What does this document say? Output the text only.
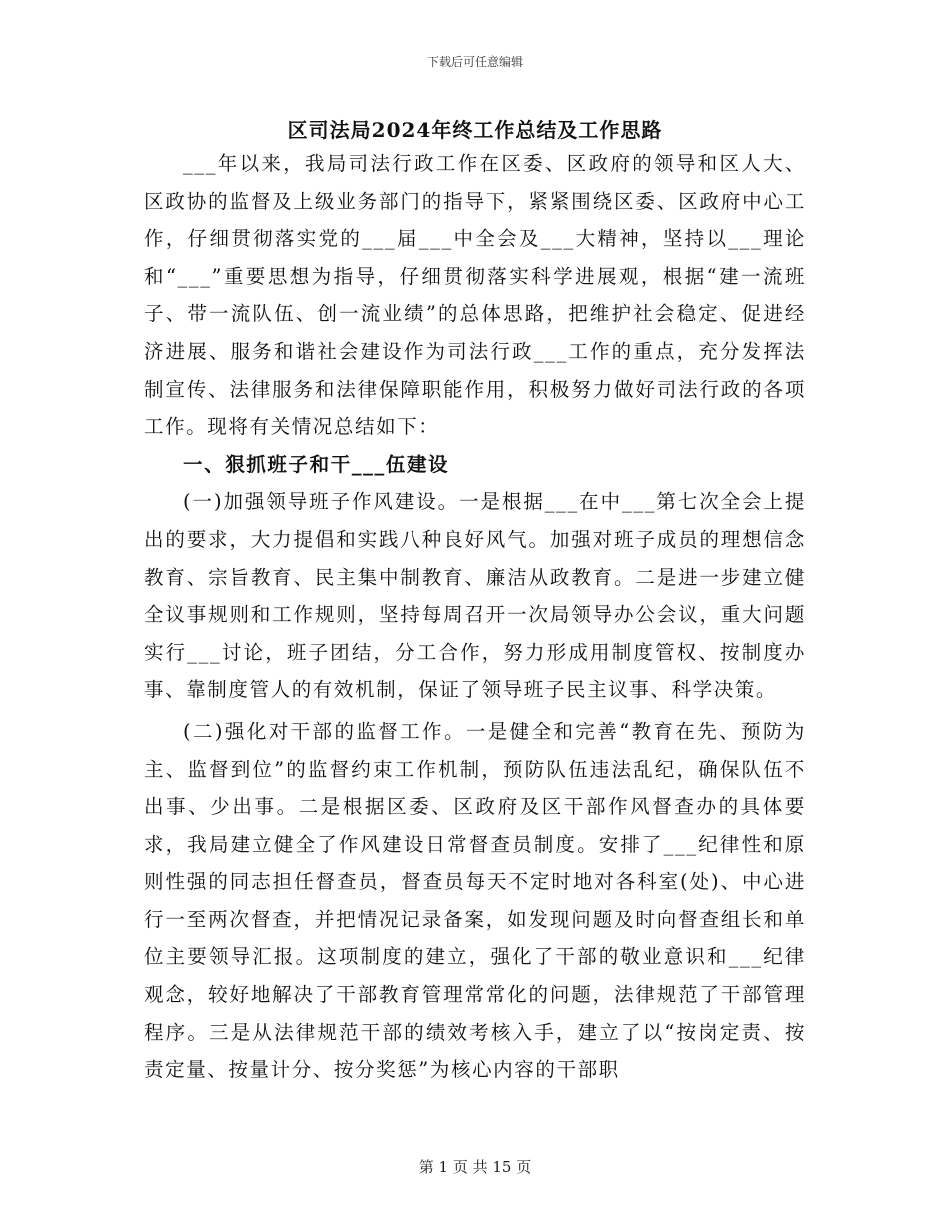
下载后可任意编辑
区司法局2024年终工作总结及工作思路

___年以来，我局司法行政工作在区委、区政府的领导和区人大、区政协的监督及上级业务部门的指导下，紧紧围绕区委、区政府中心工作，仔细贯彻落实党的___届___中全会及___大精神，坚持以___理论和“___”重要思想为指导，仔细贯彻落实科学进展观，根据“建一流班子、带一流队伍、创一流业绩”的总体思路，把维护社会稳定、促进经济进展、服务和谐社会建设作为司法行政___工作的重点，充分发挥法制宣传、法律服务和法律保障职能作用，积极努力做好司法行政的各项工作。现将有关情况总结如下：

一、狠抓班子和干___伍建设

(一)加强领导班子作风建设。一是根据___在中___第七次全会上提出的要求，大力提倡和实践八种良好风气。加强对班子成员的理想信念教育、宗旨教育、民主集中制教育、廉洁从政教育。二是进一步建立健全议事规则和工作规则，坚持每周召开一次局领导办公会议，重大问题实行___讨论，班子团结，分工合作，努力形成用制度管权、按制度办事、靠制度管人的有效机制，保证了领导班子民主议事、科学决策。

(二)强化对干部的监督工作。一是健全和完善“教育在先、预防为主、监督到位”的监督约束工作机制，预防队伍违法乱纪，确保队伍不出事、少出事。二是根据区委、区政府及区干部作风督查办的具体要求，我局建立健全了作风建设日常督查员制度。安排了___纪律性和原则性强的同志担任督查员，督查员每天不定时地对各科室(处)、中心进行一至两次督查，并把情况记录备案，如发现问题及时向督查组长和单位主要领导汇报。这项制度的建立，强化了干部的敬业意识和___纪律观念，较好地解决了干部教育管理常常化的问题，法律规范了干部管理程序。三是从法律规范干部的绩效考核入手，建立了以“按岗定责、按责定量、按量计分、按分奖惩”为核心内容的干部职

第 1 页 共 15 页
